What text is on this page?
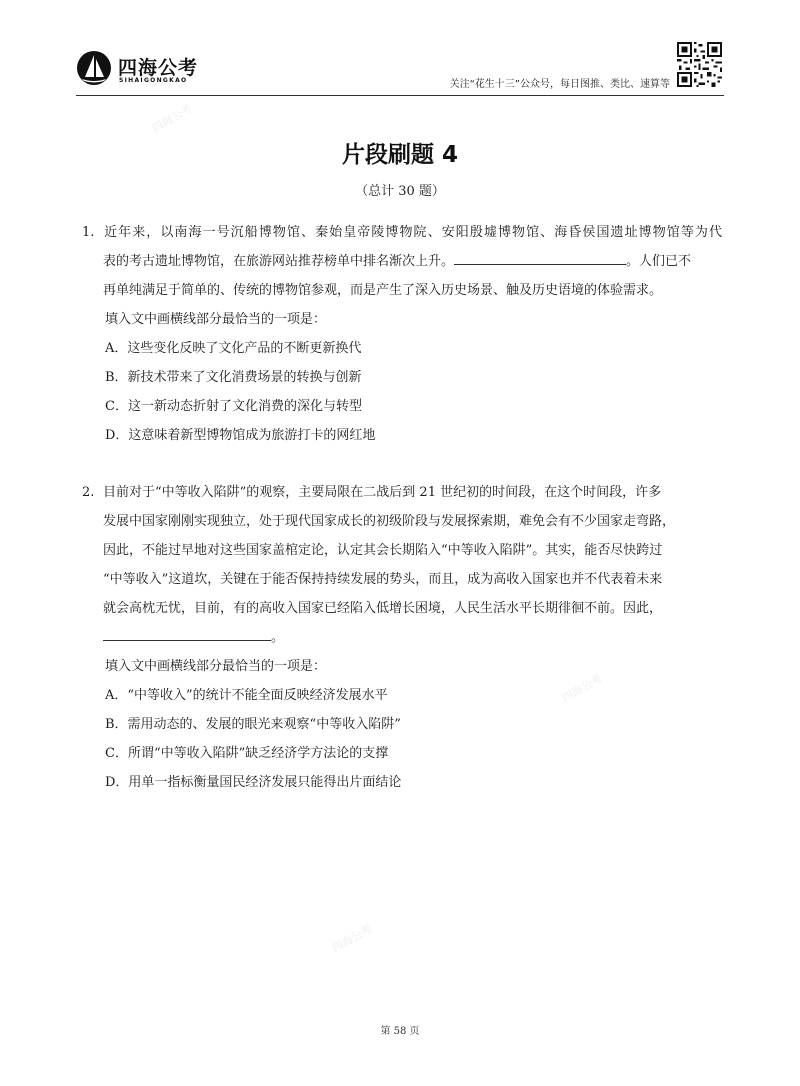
四海公考
SIHAIGONGKAO	关注“花生十三”公众号，每日图推、类比、速算等
四海公考
四海公考
四海公考
片段刷题 4
（总计 30 题）
1. 近年来，以南海一号沉船博物馆、秦始皇帝陵博物院、安阳殷墟博物馆、海昏侯国遗址博物馆等为代
表的考古遗址博物馆，在旅游网站推荐榜单中排名渐次上升。	。人们已不
再单纯满足于简单的、传统的博物馆参观，而是产生了深入历史场景、触及历史语境的体验需求。
填入文中画横线部分最恰当的一项是：
A．这些变化反映了文化产品的不断更新换代
B．新技术带来了文化消费场景的转换与创新
C．这一新动态折射了文化消费的深化与转型
D．这意味着新型博物馆成为旅游打卡的网红地
2. 目前对于“中等收入陷阱”的观察，主要局限在二战后到 21 世纪初的时间段，在这个时间段，许多
发展中国家刚刚实现独立，处于现代国家成长的初级阶段与发展探索期，难免会有不少国家走弯路，
因此，不能过早地对这些国家盖棺定论，认定其会长期陷入“中等收入陷阱”。其实，能否尽快跨过
“中等收入”这道坎，关键在于能否保持持续发展的势头，而且，成为高收入国家也并不代表着未来
就会高枕无忧，目前，有的高收入国家已经陷入低增长困境，人民生活水平长期徘徊不前。因此，
。
填入文中画横线部分最恰当的一项是：
A．“中等收入”的统计不能全面反映经济发展水平
B．需用动态的、发展的眼光来观察“中等收入陷阱”
C．所谓“中等收入陷阱”缺乏经济学方法论的支撑
D．用单一指标衡量国民经济发展只能得出片面结论
第 58 页
